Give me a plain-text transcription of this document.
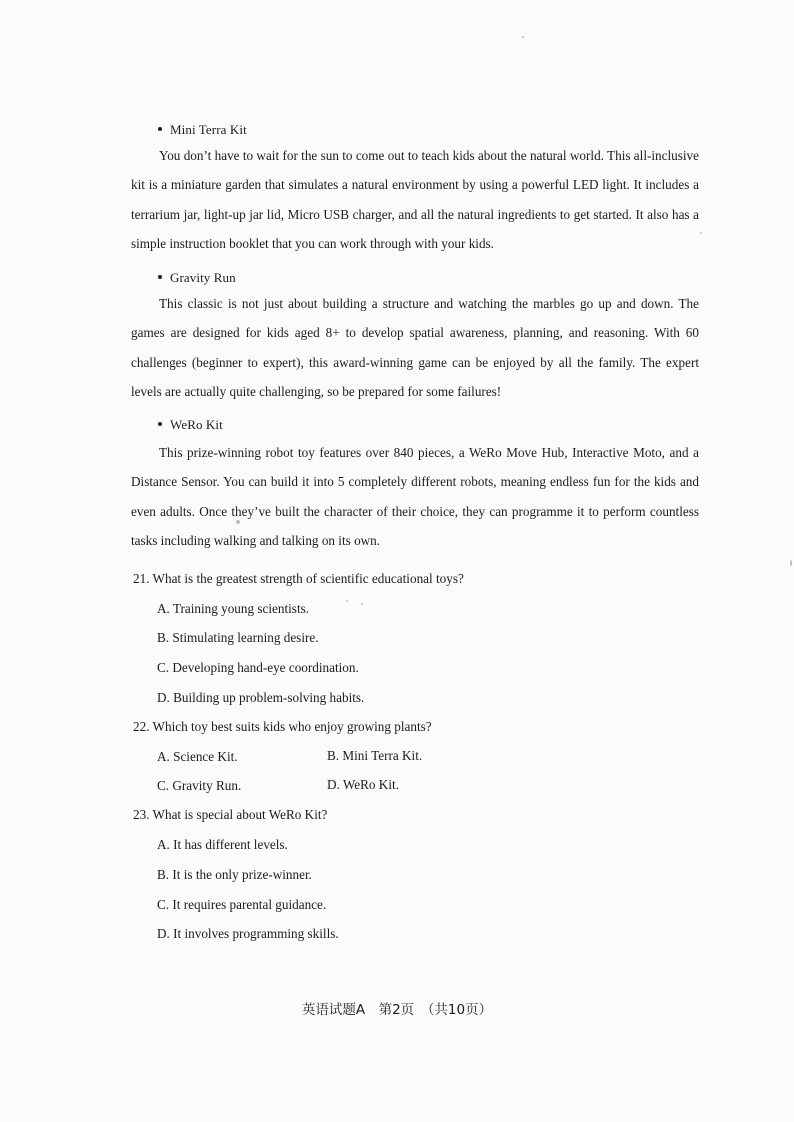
Mini Terra Kit

You don’t have to wait for the sun to come out to teach kids about the natural world. This all-inclusive kit is a miniature garden that simulates a natural environment by using a powerful LED light. It includes a terrarium jar, light-up jar lid, Micro USB charger, and all the natural ingredients to get started. It also has a simple instruction booklet that you can work through with your kids.

Gravity Run

This classic is not just about building a structure and watching the marbles go up and down. The games are designed for kids aged 8+ to develop spatial awareness, planning, and reasoning. With 60 challenges (beginner to expert), this award-winning game can be enjoyed by all the family. The expert levels are actually quite challenging, so be prepared for some failures!

WeRo Kit

This prize-winning robot toy features over 840 pieces, a WeRo Move Hub, Interactive Moto, and a Distance Sensor. You can build it into 5 completely different robots, meaning endless fun for the kids and even adults. Once they’ve built the character of their choice, they can programme it to perform countless tasks including walking and talking on its own.

21. What is the greatest strength of scientific educational toys?
A. Training young scientists.
B. Stimulating learning desire.
C. Developing hand-eye coordination.
D. Building up problem-solving habits.
22. Which toy best suits kids who enjoy growing plants?
A. Science Kit.	B. Mini Terra Kit.
C. Gravity Run.	D. WeRo Kit.
23. What is special about WeRo Kit?
A. It has different levels.
B. It is the only prize-winner.
C. It requires parental guidance.
D. It involves programming skills.
英语试题A　第2页　（共10页）
